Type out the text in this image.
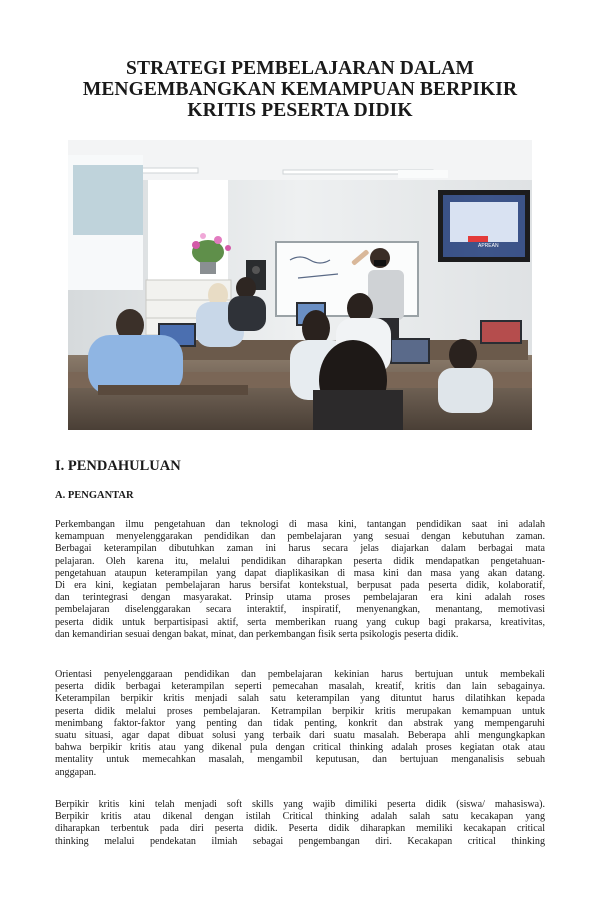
STRATEGI PEMBELAJARAN DALAM
MENGEMBANGKAN KEMAMPUAN BERPIKIR
KRITIS PESERTA DIDIK
APREAN
I. PENDAHULUAN
A. PENGANTAR
Perkembangan ilmu pengetahuan dan teknologi di masa kini, tantangan pendidikan saat ini adalah
kemampuan menyelenggarakan pendidikan dan pembelajaran yang sesuai dengan kebutuhan zaman.
Berbagai keterampilan dibutuhkan zaman ini harus secara jelas diajarkan dalam berbagai mata
pelajaran. Oleh karena itu, melalui pendidikan diharapkan peserta didik mendapatkan pengetahuan-
pengetahuan ataupun keterampilan yang dapat diaplikasikan di masa kini dan masa yang akan datang.
Di era kini, kegiatan pembelajaran harus bersifat kontekstual, berpusat pada peserta didik, kolaboratif,
dan terintegrasi dengan masyarakat. Prinsip utama proses pembelajaran era kini adalah roses
pembelajaran diselenggarakan secara interaktif, inspiratif, menyenangkan, menantang, memotivasi
peserta didik untuk berpartisipasi aktif, serta memberikan ruang yang cukup bagi prakarsa, kreativitas,
dan kemandirian sesuai dengan bakat, minat, dan perkembangan fisik serta psikologis peserta didik.
Orientasi penyelenggaraan pendidikan dan pembelajaran kekinian harus bertujuan untuk membekali
peserta didik berbagai keterampilan seperti pemecahan masalah, kreatif, kritis dan lain sebagainya.
Keterampilan berpikir kritis menjadi salah satu keterampilan yang dituntut harus dilatihkan kepada
peserta didik melalui proses pembelajaran. Ketrampilan berpikir kritis merupakan kemampuan untuk
menimbang faktor-faktor yang penting dan tidak penting, konkrit dan abstrak yang mempengaruhi
suatu situasi, agar dapat dibuat solusi yang terbaik dari suatu masalah. Beberapa ahli mengungkapkan
bahwa berpikir kritis atau yang dikenal pula dengan critical thinking adalah proses kegiatan otak atau
mentality untuk memecahkan masalah, mengambil keputusan, dan bertujuan menganalisis sebuah
anggapan.
Berpikir kritis kini telah menjadi soft skills yang wajib dimiliki peserta didik (siswa/ mahasiswa).
Berpikir kritis atau dikenal dengan istilah Critical thinking adalah salah satu kecakapan yang
diharapkan terbentuk pada diri peserta didik. Peserta didik diharapkan memiliki kecakapan critical
thinking melalui pendekatan ilmiah sebagai pengembangan diri. Kecakapan critical thinking
